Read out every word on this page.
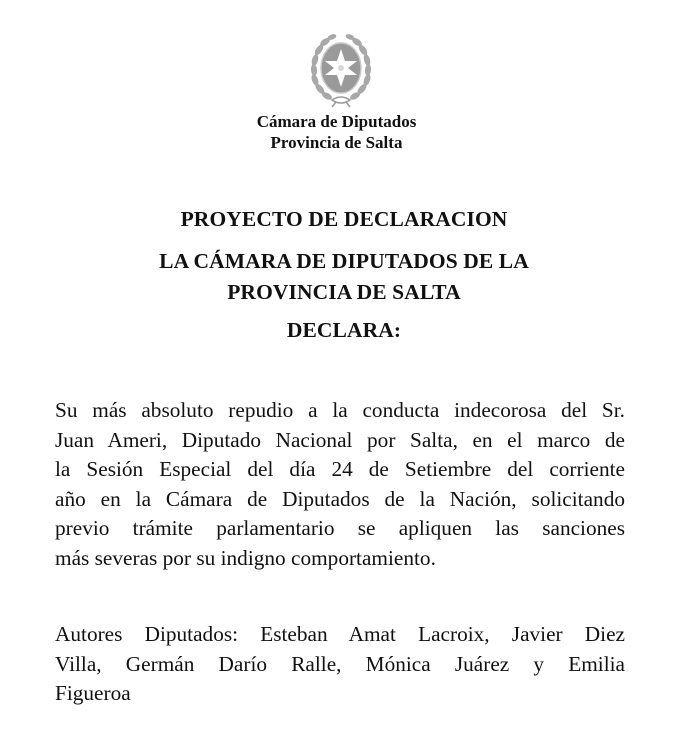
Cámara de Diputados
Provincia de Salta
PROYECTO DE DECLARACION
LA CÁMARA DE DIPUTADOS DE LA
PROVINCIA DE SALTA
DECLARA:
Su más absoluto repudio a la conducta indecorosa del Sr.
Juan Ameri, Diputado Nacional por Salta, en el marco de
la Sesión Especial del día 24 de Setiembre del corriente
año en la Cámara de Diputados de la Nación, solicitando
previo trámite parlamentario se apliquen las sanciones
más severas por su indigno comportamiento.
Autores Diputados: Esteban Amat Lacroix, Javier Diez
Villa, Germán Darío Ralle, Mónica Juárez y Emilia
Figueroa
